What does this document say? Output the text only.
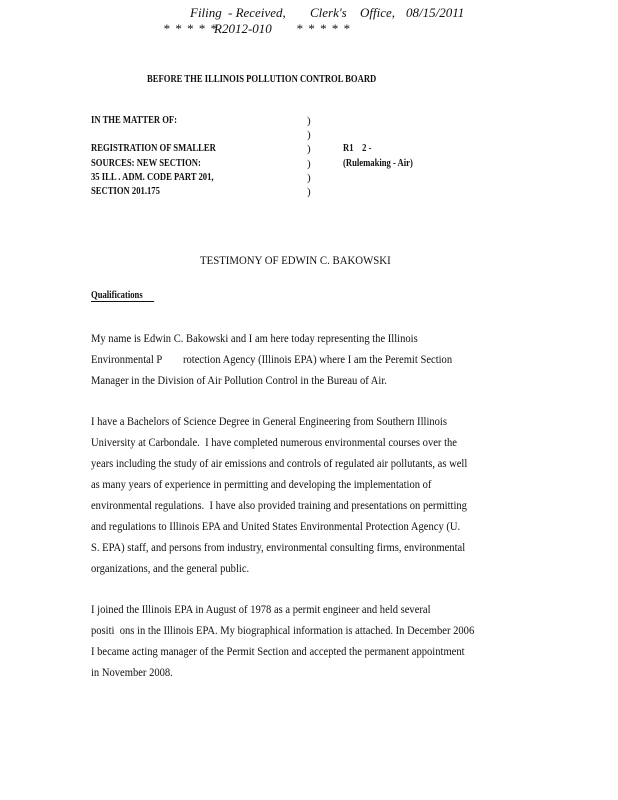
Filing - Received, Clerk's Office, 08/15/2011
* * * * *
R2012-010 * * * * *
BEFORE THE ILLINOIS POLLUTION CONTROL BOARD
IN THE MATTER OF:
REGISTRATION OF SMALLER
SOURCES: NEW SECTION:
35 ILL . ADM. CODE PART 201,
SECTION 201.175
)
)
)
)
)
)
R1    2 -
(Rulemaking - Air)
TESTIMONY OF EDWIN C. BAKOWSKI
Qualifications
My name is Edwin C. Bakowski and I am here today representing the Illinois
Environmental P        rotection Agency (Illinois EPA) where I am the Peremit Section
Manager in the Division of Air Pollution Control in the Bureau of Air.
I have a Bachelors of Science Degree in General Engineering from Southern Illinois
University at Carbondale.  I have completed numerous environmental courses over the
years including the study of air emissions and controls of regulated air pollutants, as well
as many years of experience in permitting and developing the implementation of
environmental regulations.  I have also provided training and presentations on permitting
and regulations to Illinois EPA and United States Environmental Protection Agency (U.
S. EPA) staff, and persons from industry, environmental consulting firms, environmental
organizations, and the general public.
I joined the Illinois EPA in August of 1978 as a permit engineer and held several
positi  ons in the Illinois EPA. My biographical information is attached. In December 2006
I became acting manager of the Permit Section and accepted the permanent appointment
in November 2008.
